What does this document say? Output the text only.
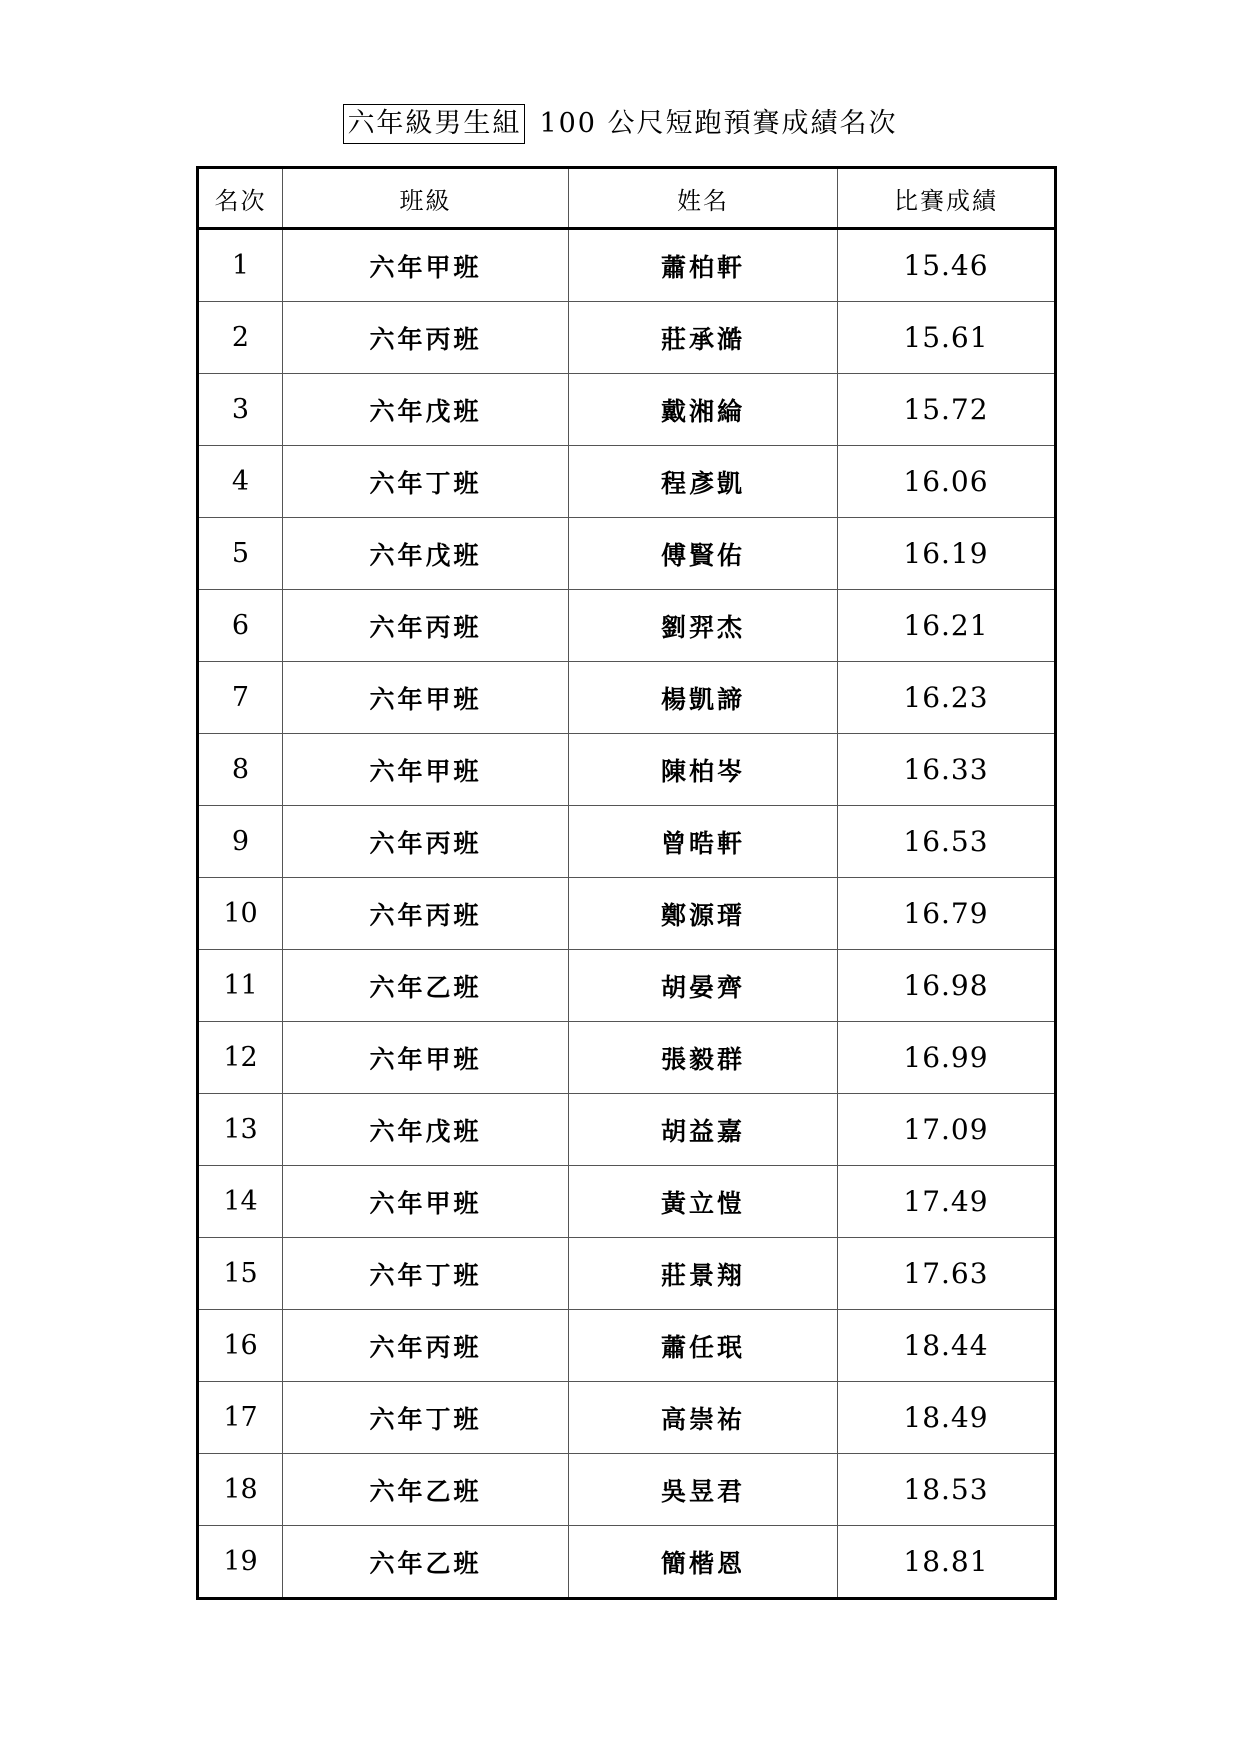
六年級男生組 100 公尺短跑預賽成績名次
名次	班級	姓名	比賽成績
1	六年甲班	蕭柏軒	15.46
2	六年丙班	莊承澔	15.61
3	六年戊班	戴湘綸	15.72
4	六年丁班	程彥凱	16.06
5	六年戊班	傅賢佑	16.19
6	六年丙班	劉羿杰	16.21
7	六年甲班	楊凱諦	16.23
8	六年甲班	陳柏岑	16.33
9	六年丙班	曾晧軒	16.53
10	六年丙班	鄭源瑨	16.79
11	六年乙班	胡晏齊	16.98
12	六年甲班	張毅群	16.99
13	六年戊班	胡益嘉	17.09
14	六年甲班	黃立愷	17.49
15	六年丁班	莊景翔	17.63
16	六年丙班	蕭任珉	18.44
17	六年丁班	高崇祐	18.49
18	六年乙班	吳昱君	18.53
19	六年乙班	簡楷恩	18.81
